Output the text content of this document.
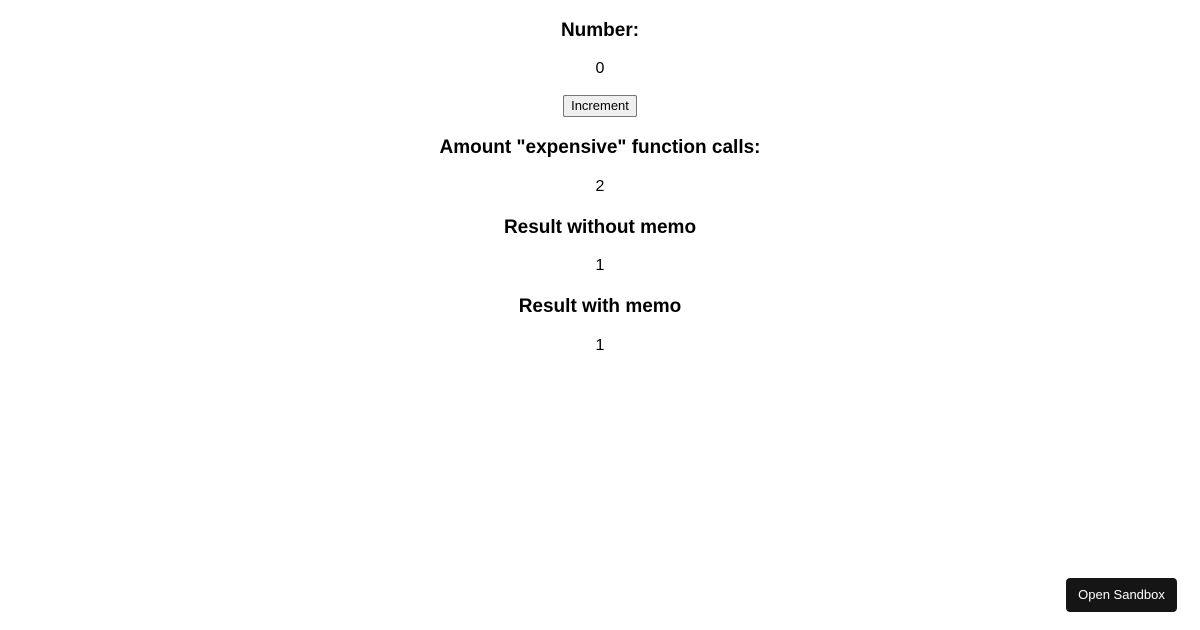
Number:

0

Increment
Amount "expensive" function calls:

2

Result without memo

1

Result with memo

1

Open Sandbox
